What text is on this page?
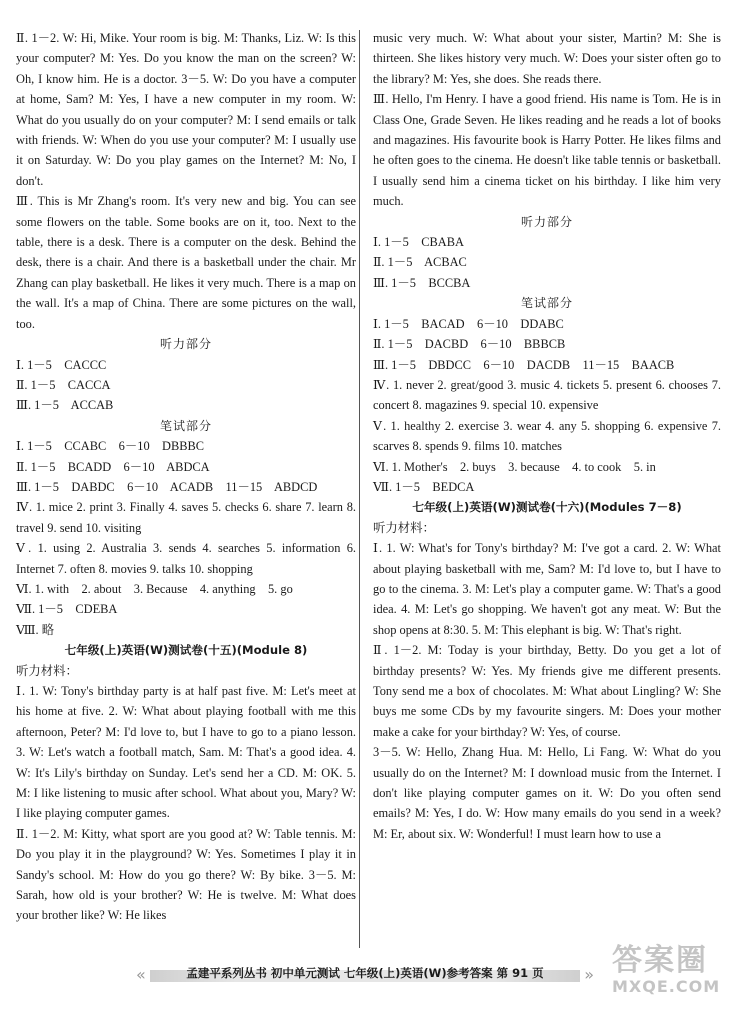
Ⅱ. 1－2. W: Hi, Mike. Your room is big. M: Thanks, Liz. W: Is this your computer? M: Yes. Do you know the man on the screen? W: Oh, I know him. He is a doctor. 3－5. W: Do you have a computer at home, Sam? M: Yes, I have a new computer in my room. W: What do you usually do on your computer? M: I send emails or talk with friends. W: When do you use your computer? M: I usually use it on Saturday. W: Do you play games on the Internet? M: No, I don't.

Ⅲ. This is Mr Zhang's room. It's very new and big. You can see some flowers on the table. Some books are on it, too. Next to the table, there is a desk. There is a computer on the desk. Behind the desk, there is a chair. And there is a basketball under the chair. Mr Zhang can play basketball. He likes it very much. There is a map on the wall. It's a map of China. There are some pictures on the wall, too.

听力部分
Ⅰ. 1－5    CACCC
Ⅱ. 1－5    CACCA
Ⅲ. 1－5    ACCAB
笔试部分
Ⅰ. 1－5    CCABC    6－10    DBBBC
Ⅱ. 1－5    BCADD    6－10    ABDCA
Ⅲ. 1－5    DABDC    6－10    ACADB    11－15    ABDCD

Ⅳ. 1. mice 2. print 3. Finally 4. saves 5. checks 6. share 7. learn 8. travel 9. send 10. visiting

Ⅴ. 1. using 2. Australia 3. sends 4. searches 5. information 6. Internet 7. often 8. movies 9. talks 10. shopping

Ⅵ. 1. with    2. about    3. Because    4. anything    5. go
Ⅶ. 1－5    CDEBA
Ⅷ. 略
七年级(上)英语(W)测试卷(十五)(Module 8)
听力材料：

Ⅰ. 1. W: Tony's birthday party is at half past five. M: Let's meet at his home at five. 2. W: What about playing football with me this afternoon, Peter? M: I'd love to, but I have to go to a piano lesson. 3. W: Let's watch a football match, Sam. M: That's a good idea. 4. W: It's Lily's birthday on Sunday. Let's send her a CD. M: OK. 5. M: I like listening to music after school. What about you, Mary? W: I like playing computer games.

Ⅱ. 1－2. M: Kitty, what sport are you good at? W: Table tennis. M: Do you play it in the playground? W: Yes. Sometimes I play it in Sandy's school. M: How do you go there? W: By bike. 3－5. M: Sarah, how old is your brother? W: He is twelve. M: What does your brother like? W: He likes

music very much. W: What about your sister, Martin? M: She is thirteen. She likes history very much. W: Does your sister often go to the library? M: Yes, she does. She reads there.

Ⅲ. Hello, I'm Henry. I have a good friend. His name is Tom. He is in Class One, Grade Seven. He likes reading and he reads a lot of books and magazines. His favourite book is Harry Potter. He likes films and he often goes to the cinema. He doesn't like table tennis or basketball. I usually send him a cinema ticket on his birthday. I like him very much.

听力部分
Ⅰ. 1－5    CBABA
Ⅱ. 1－5    ACBAC
Ⅲ. 1－5    BCCBA
笔试部分
Ⅰ. 1－5    BACAD    6－10    DDABC
Ⅱ. 1－5    DACBD    6－10    BBBCB
Ⅲ. 1－5    DBDCC    6－10    DACDB    11－15    BAACB

Ⅳ. 1. never 2. great/good 3. music 4. tickets 5. present 6. chooses 7. concert 8. magazines 9. special 10. expensive

Ⅴ. 1. healthy 2. exercise 3. wear 4. any 5. shopping 6. expensive 7. scarves 8. spends 9. films 10. matches

Ⅵ. 1. Mother's    2. buys    3. because    4. to cook    5. in
Ⅶ. 1－5    BEDCA
七年级(上)英语(W)测试卷(十六)(Modules 7－8)
听力材料：

Ⅰ. 1. W: What's for Tony's birthday? M: I've got a card. 2. W: What about playing basketball with me, Sam? M: I'd love to, but I have to go to the cinema. 3. M: Let's play a computer game. W: That's a good idea. 4. M: Let's go shopping. We haven't got any meat. W: But the shop opens at 8:30. 5. M: This elephant is big. W: That's right.

Ⅱ. 1－2. M: Today is your birthday, Betty. Do you get a lot of birthday presents? W: Yes. My friends give me different presents. Tony send me a box of chocolates. M: What about Lingling? W: She buys me some CDs by my favourite singers. M: Does your mother make a cake for your birthday? W: Yes, of course.

3－5. W: Hello, Zhang Hua. M: Hello, Li Fang. W: What do you usually do on the Internet? M: I download music from the Internet. I don't like playing computer games on it. W: Do you often send emails? M: Yes, I do. W: How many emails do you send in a week? M: Er, about six. W: Wonderful! I must learn how to use a

«	孟建平系列丛书 初中单元测试 七年级(上)英语(W)参考答案 第 91 页	» 答案圈
MXQE.COM
